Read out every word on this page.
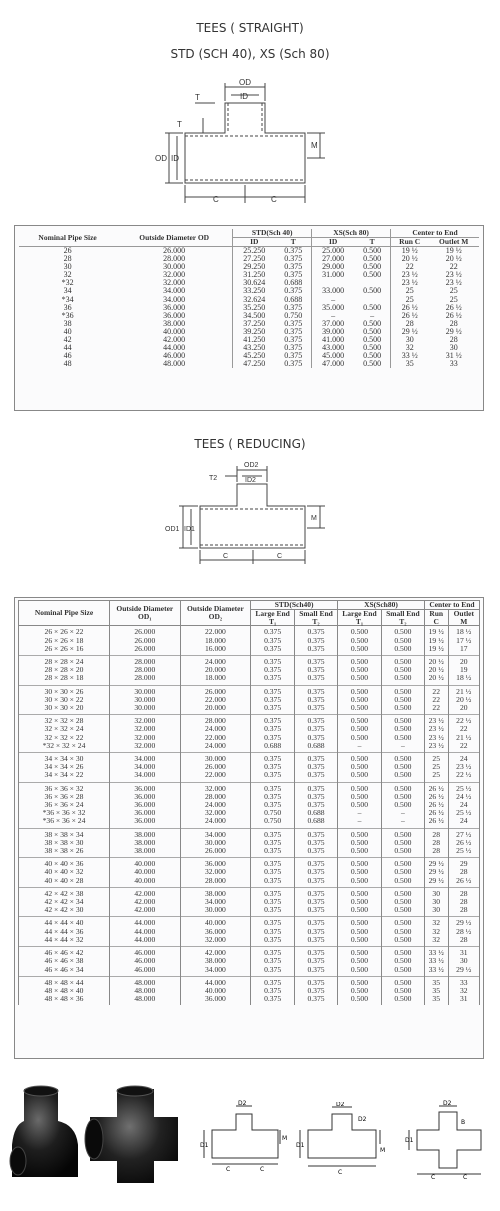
TEES ( STRAIGHT)
STD (SCH 40), XS (Sch 80)
OD
ID
T
T
M
OD ID
C	C
Nominal Pipe Size	Outside Diameter OD	STD(Sch 40)		XS(Sch 80)		Center to End	
		ID	T	ID	T	Run C	Outlet M
26	26.000	25.250	0.375	25.000	0.500	19 ½	19 ½
28	28.000	27.250	0.375	27.000	0.500	20 ½	20 ½
30	30.000	29.250	0.375	29.000	0.500	22	22
32	32.000	31.250	0.375	31.000	0.500	23 ½	23 ½
*32	32.000	30.624	0.688			23 ½	23 ½
34	34.000	33.250	0.375	33.000	0.500	25	25
*34	34.000	32.624	0.688	–		25	25
36	36.000	35.250	0.375	35.000	0.500	26 ½	26 ½
*36	36.000	34.500	0.750	–	–	26 ½	26 ½
38	38.000	37.250	0.375	37.000	0.500	28	28
40	40.000	39.250	0.375	39.000	0.500	29 ½	29 ½
42	42.000	41.250	0.375	41.000	0.500	30	28
44	44.000	43.250	0.375	43.000	0.500	32	30
46	46.000	45.250	0.375	45.000	0.500	33 ½	31 ½
48	48.000	47.250	0.375	47.000	0.500	35	33
TEES ( REDUCING)
OD2
ID2
T2
M
OD1 ID1
C	C
Nominal Pipe Size	Outside Diameter OD₁	Outside Diameter OD₂	STD(Sch40)		XS(Sch80)		Center to End	
			Large End T₁	Small End T₂	Large End T₁	Small End T₂	Run C	Outlet M
26 × 26 × 22	26.000	22.000	0.375	0.375	0.500	0.500	19 ½	18 ½
26 × 26 × 18	26.000	18.000	0.375	0.375	0.500	0.500	19 ½	17 ½
26 × 26 × 16	26.000	16.000	0.375	0.375	0.500	0.500	19 ½	17
28 × 28 × 24	28.000	24.000	0.375	0.375	0.500	0.500	20 ½	20
28 × 28 × 20	28.000	20.000	0.375	0.375	0.500	0.500	20 ½	19
28 × 28 × 18	28.000	18.000	0.375	0.375	0.500	0.500	20 ½	18 ½
30 × 30 × 26	30.000	26.000	0.375	0.375	0.500	0.500	22	21 ½
30 × 30 × 22	30.000	22.000	0.375	0.375	0.500	0.500	22	20 ½
30 × 30 × 20	30.000	20.000	0.375	0.375	0.500	0.500	22	20
32 × 32 × 28	32.000	28.000	0.375	0.375	0.500	0.500	23 ½	22 ½
32 × 32 × 24	32.000	24.000	0.375	0.375	0.500	0.500	23 ½	22
32 × 32 × 22	32.000	22.000	0.375	0.375	0.500	0.500	23 ½	21 ½
*32 × 32 × 24	32.000	24.000	0.688	0.688	–	–	23 ½	22
34 × 34 × 30	34.000	30.000	0.375	0.375	0.500	0.500	25	24
34 × 34 × 26	34.000	26.000	0.375	0.375	0.500	0.500	25	23 ½
34 × 34 × 22	34.000	22.000	0.375	0.375	0.500	0.500	25	22 ½
36 × 36 × 32	36.000	32.000	0.375	0.375	0.500	0.500	26 ½	25 ½
36 × 36 × 28	36.000	28.000	0.375	0.375	0.500	0.500	26 ½	24 ½
36 × 36 × 24	36.000	24.000	0.375	0.375	0.500	0.500	26 ½	24
*36 × 36 × 32	36.000	32.000	0.750	0.688	–	–	26 ½	25 ½
*36 × 36 × 24	36.000	24.000	0.750	0.688	–	–	26 ½	24
38 × 38 × 34	38.000	34.000	0.375	0.375	0.500	0.500	28	27 ½
38 × 38 × 30	38.000	30.000	0.375	0.375	0.500	0.500	28	26 ½
38 × 38 × 26	38.000	26.000	0.375	0.375	0.500	0.500	28	25 ½
40 × 40 × 36	40.000	36.000	0.375	0.375	0.500	0.500	29 ½	29
40 × 40 × 32	40.000	32.000	0.375	0.375	0.500	0.500	29 ½	28
40 × 40 × 28	40.000	28.000	0.375	0.375	0.500	0.500	29 ½	26 ½
42 × 42 × 38	42.000	38.000	0.375	0.375	0.500	0.500	30	28
42 × 42 × 34	42.000	34.000	0.375	0.375	0.500	0.500	30	28
42 × 42 × 30	42.000	30.000	0.375	0.375	0.500	0.500	30	28
44 × 44 × 40	44.000	40.000	0.375	0.375	0.500	0.500	32	29 ½
44 × 44 × 36	44.000	36.000	0.375	0.375	0.500	0.500	32	28 ½
44 × 44 × 32	44.000	32.000	0.375	0.375	0.500	0.500	32	28
46 × 46 × 42	46.000	42.000	0.375	0.375	0.500	0.500	33 ½	31
46 × 46 × 38	46.000	38.000	0.375	0.375	0.500	0.500	33 ½	30
46 × 46 × 34	46.000	34.000	0.375	0.375	0.500	0.500	33 ½	29 ½
48 × 48 × 44	48.000	44.000	0.375	0.375	0.500	0.500	35	33
48 × 48 × 40	48.000	40.000	0.375	0.375	0.500	0.500	35	32
48 × 48 × 36	48.000	36.000	0.375	0.375	0.500	0.500	35	31
D2
D1
M
C	C
D2
D2
D1
M
C
D2
D1
B
C	C
